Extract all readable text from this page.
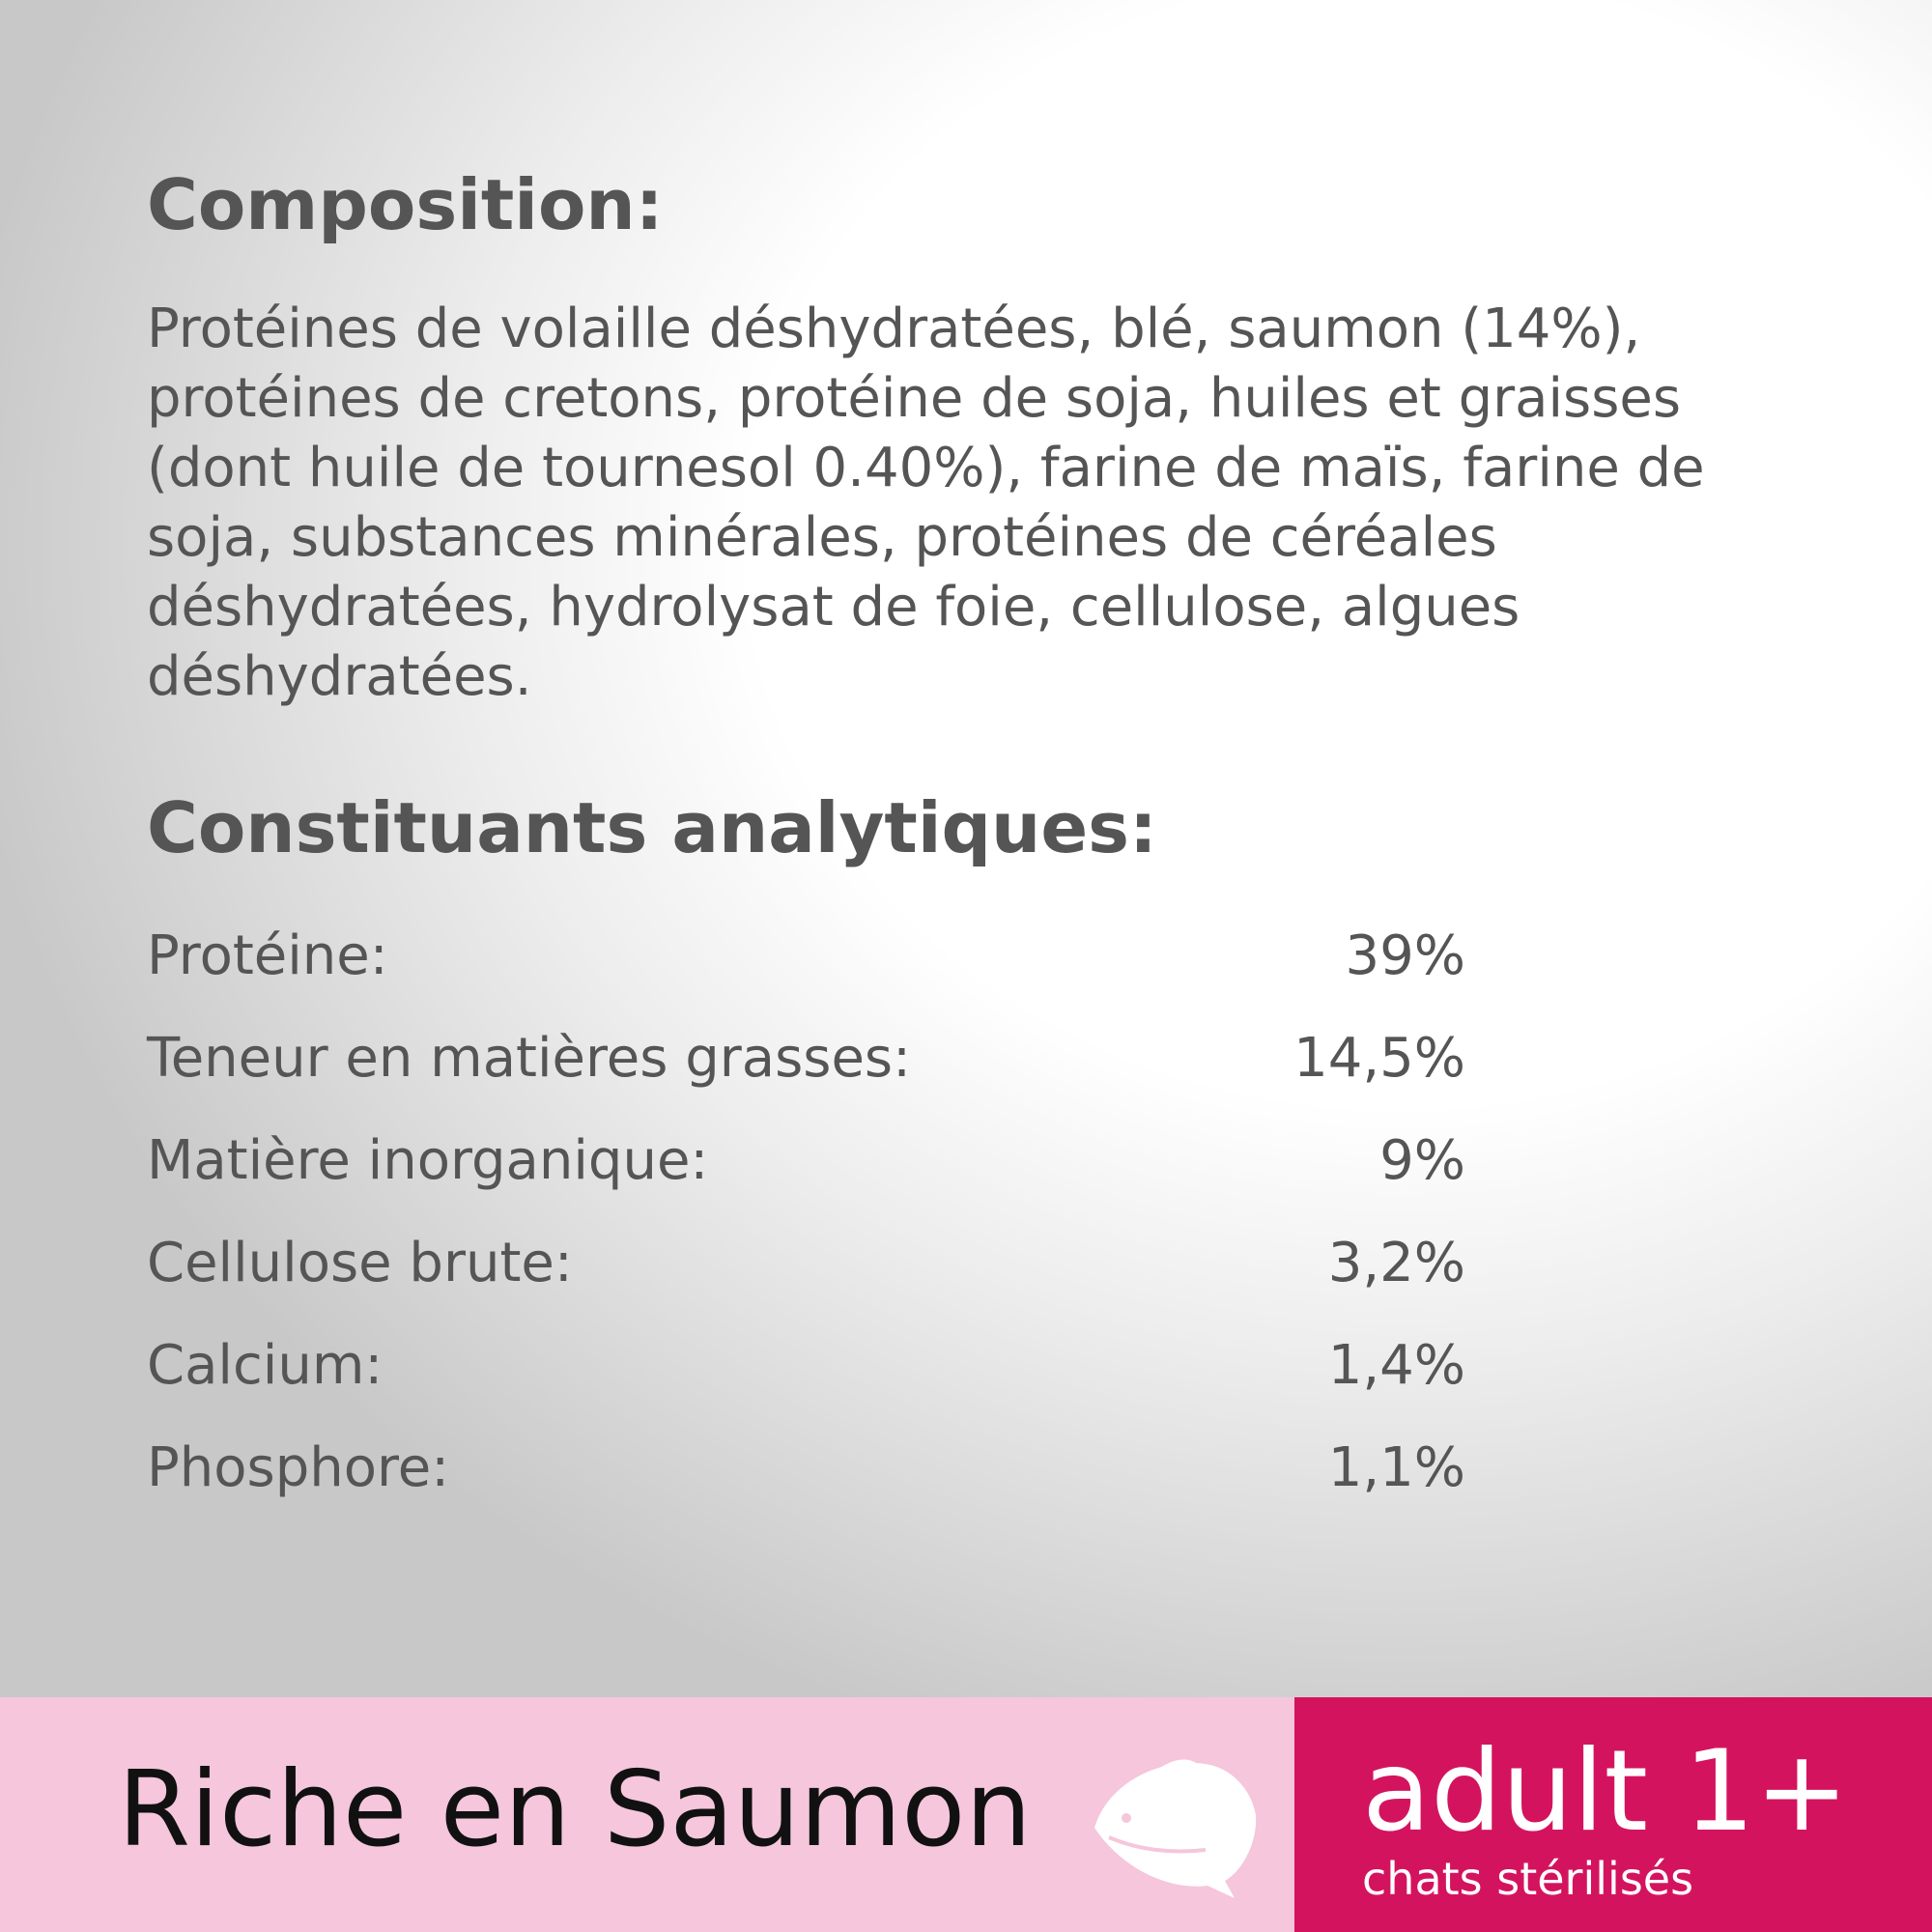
Composition:

Protéines de volaille déshydratées, blé, saumon (14%), protéines de cretons, protéine de soja, huiles et graisses (dont huile de tournesol 0.40%), farine de maïs, farine de soja, substances minérales, protéines de céréales déshydratées, hydrolysat de foie, cellulose, algues déshydratées.

Constituants analytiques:
Protéine:	39%
Teneur en matières grasses:	14,5%
Matière inorganique:	9%
Cellulose brute:	3,2%
Calcium:	1,4%
Phosphore:	1,1%
Riche en Saumon	adult 1+
chats stérilisés
